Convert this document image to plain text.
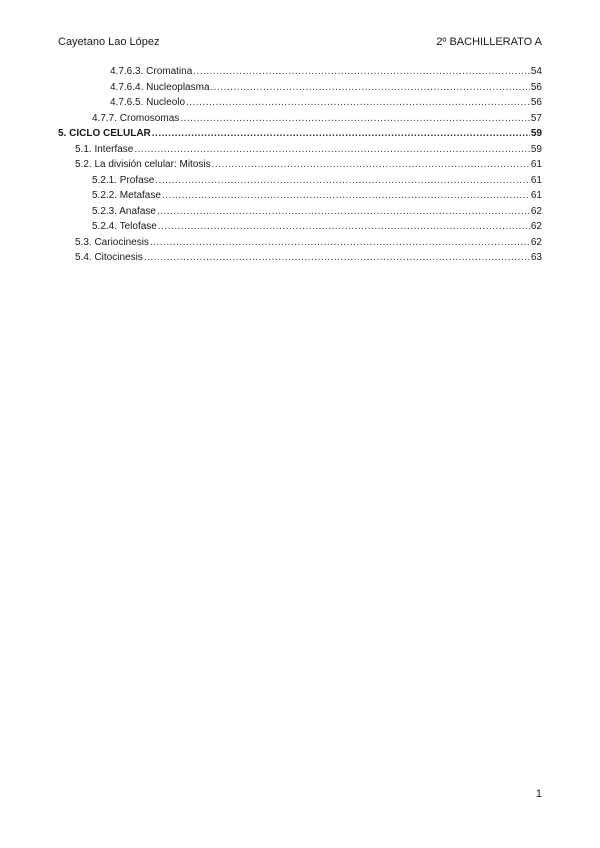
Cayetano Lao López	2º BACHILLERATO A
4.7.6.3. Cromatina .....	54
4.7.6.4. Nucleoplasma .....	56
4.7.6.5. Nucleolo .....	56
4.7.7. Cromosomas .....	57
5. CICLO CELULAR .....	59
5.1. Interfase .....	59
5.2. La división celular: Mitosis .....	61
5.2.1. Profase .....	61
5.2.2. Metafase .....	61
5.2.3. Anafase .....	62
5.2.4. Telofase .....	62
5.3. Cariocinesis .....	62
5.4. Citocinesis .....	63
1
